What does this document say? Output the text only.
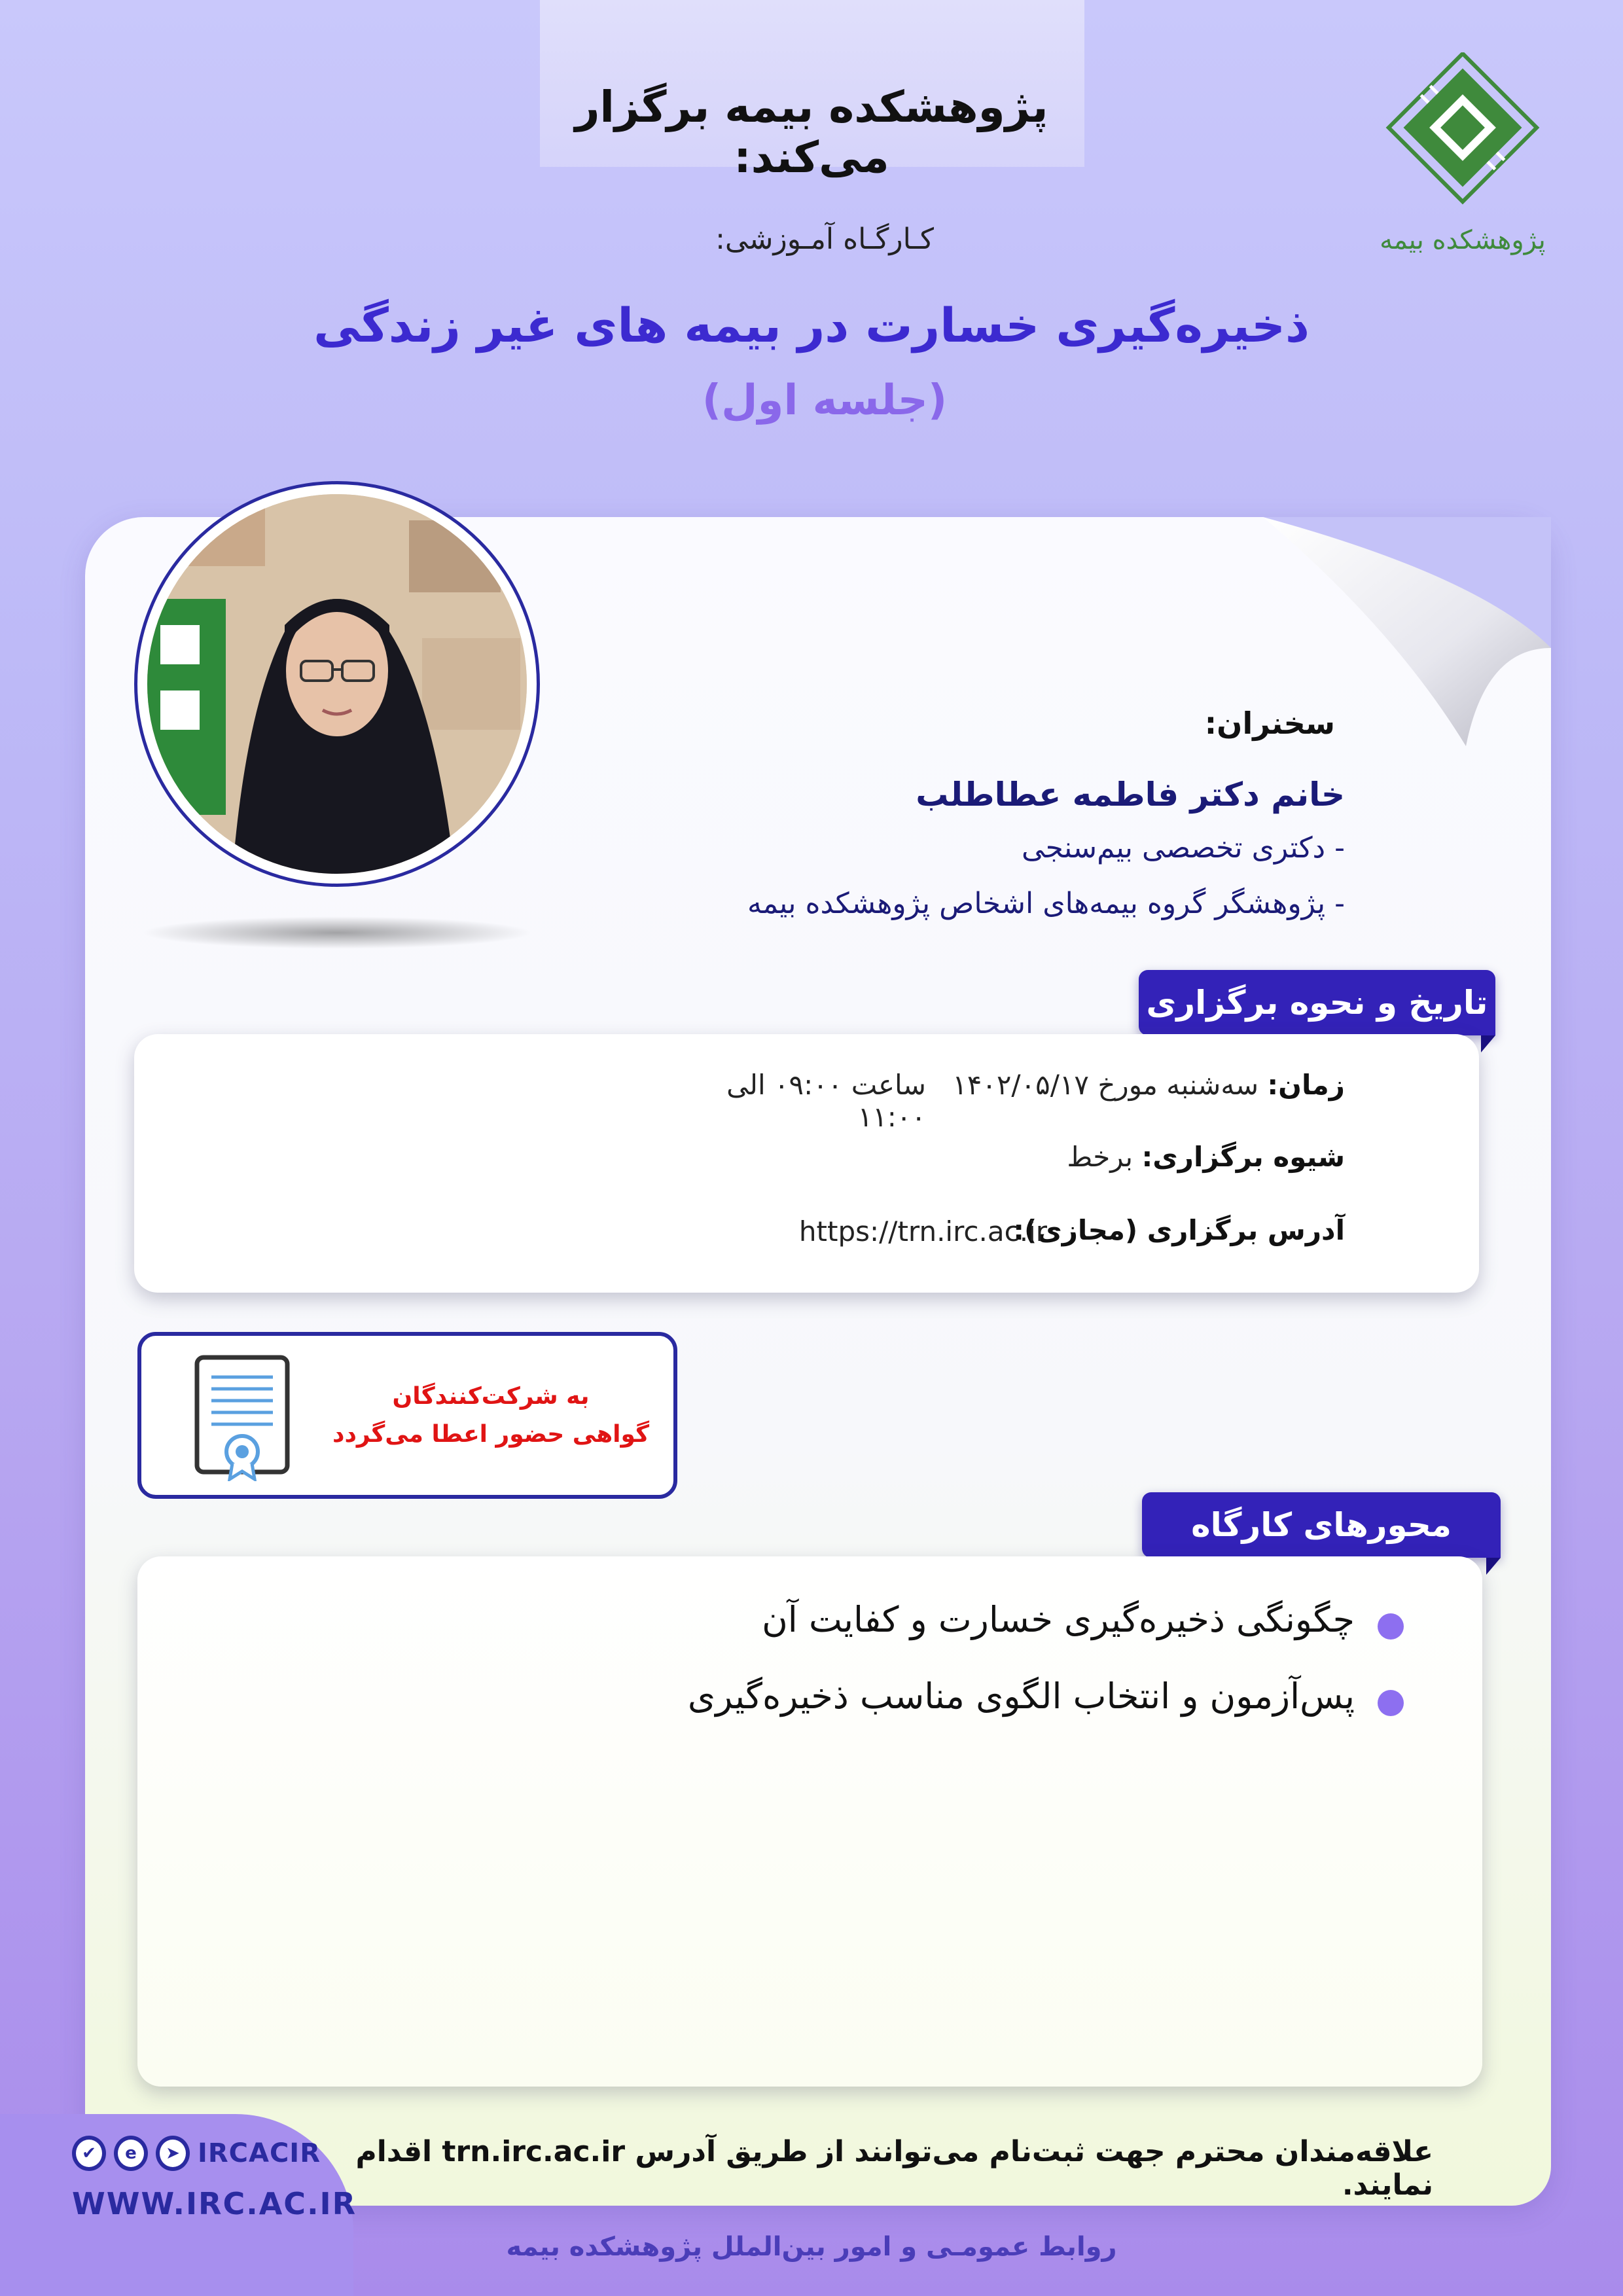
پژوهشکده بیمه برگزار می‌کند:
پژوهشکده بیمه
کـارگـاه آمـوزشی:
ذخیره‌گیری خسارت در بیمه های غیر زندگی
(جلسه اول)
سخنران:
خانم دکتر فاطمه عطاطلب
- دکتری تخصصی بیم‌سنجی
- پژوهشگر گروه بیمه‌های اشخاص پژوهشکده بیمه
تاریخ و نحوه برگزاری
زمان: سه‌شنبه مورخ ۱۴۰۲/۰۵/۱۷
ساعت ۰۹:۰۰ الی ۱۱:۰۰
شیوه برگزاری: برخط
آدرس برگزاری (مجازی):
https://trn.irc.ac.ir
به شرکت‌کنندگان
گواهی حضور اعطا می‌گردد
محورهای کارگاه
چگونگی ذخیره‌گیری خسارت و کفایت آن
پس‌آزمون و انتخاب الگوی مناسب ذخیره‌گیری
علاقه‌مندان محترم جهت ثبت‌نام می‌توانند از طریق آدرس trn.irc.ac.ir اقدام نمایند.
✔	e	➤ IRCACIR
WWW.IRC.AC.IR
روابط عمومـی و امور بین‌الملل پژوهشکده بیمه
